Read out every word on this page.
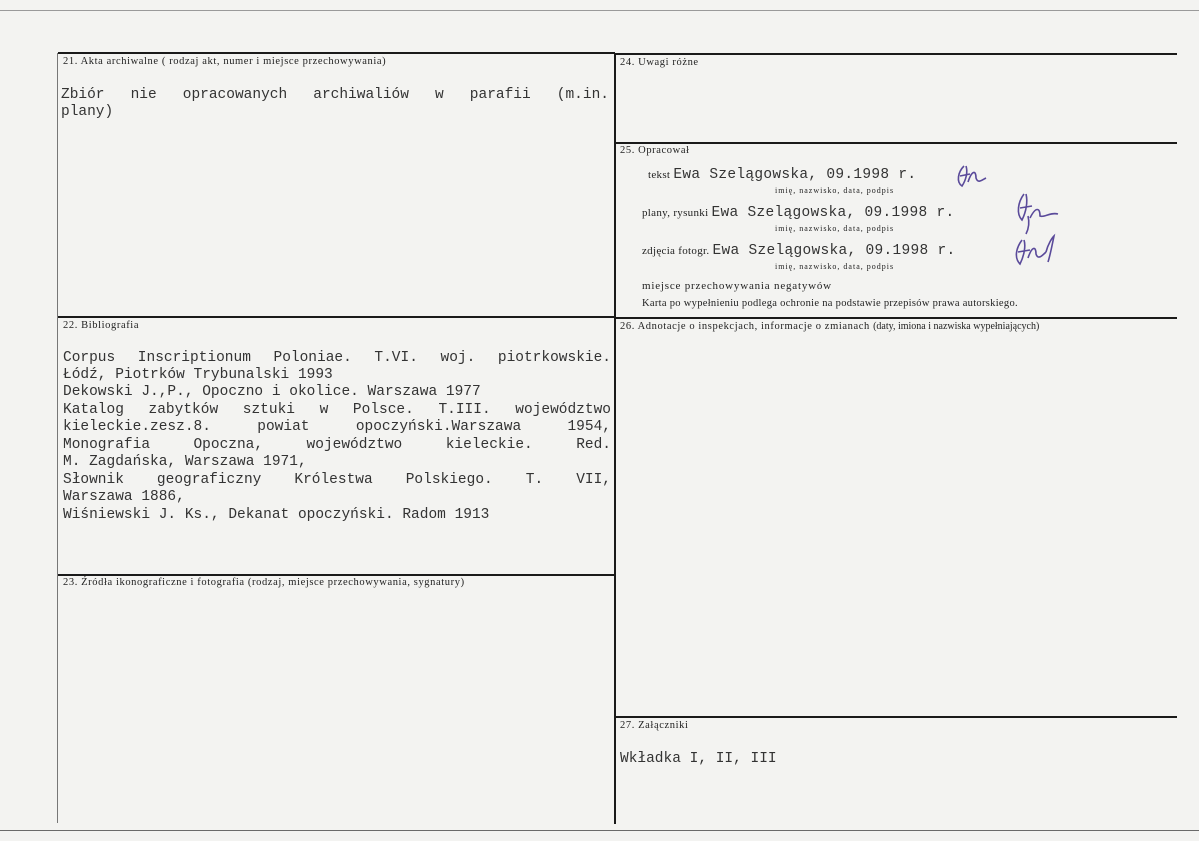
21. Akta archiwalne ( rodzaj akt, numer i miejsce przechowywania)
Zbiór nie opracowanych archiwaliów w parafii (m.in.
plany)
22. Bibliografia
Corpus Inscriptionum Poloniae. T.VI. woj. piotrkowskie.
Łódź, Piotrków Trybunalski 1993
Dekowski J.,P., Opoczno i okolice. Warszawa 1977
Katalog zabytków sztuki w Polsce. T.III. województwo
kieleckie.zesz.8. powiat opoczyński.Warszawa 1954,
Monografia Opoczna, województwo kieleckie. Red.
M. Zagdańska, Warszawa 1971,
Słownik geograficzny Królestwa Polskiego. T. VII,
Warszawa 1886,
Wiśniewski J. Ks., Dekanat opoczyński. Radom 1913
23. Źródła ikonograficzne i fotografia (rodzaj, miejsce przechowywania, sygnatury)
24. Uwagi różne
25. Opracował
tekst Ewa Szelągowska, 09.1998 r.
imię, nazwisko, data, podpis
plany, rysunki Ewa Szelągowska, 09.1998 r.
imię, nazwisko, data, podpis
zdjęcia fotogr. Ewa Szelągowska, 09.1998 r.
imię, nazwisko, data, podpis
miejsce przechowywania negatywów
Karta po wypełnieniu podlega ochronie na podstawie przepisów prawa autorskiego.
26. Adnotacje o inspekcjach, informacje o zmianach (daty, imiona i nazwiska wypełniających)
27. Załączniki
Wkładka I, II, III
